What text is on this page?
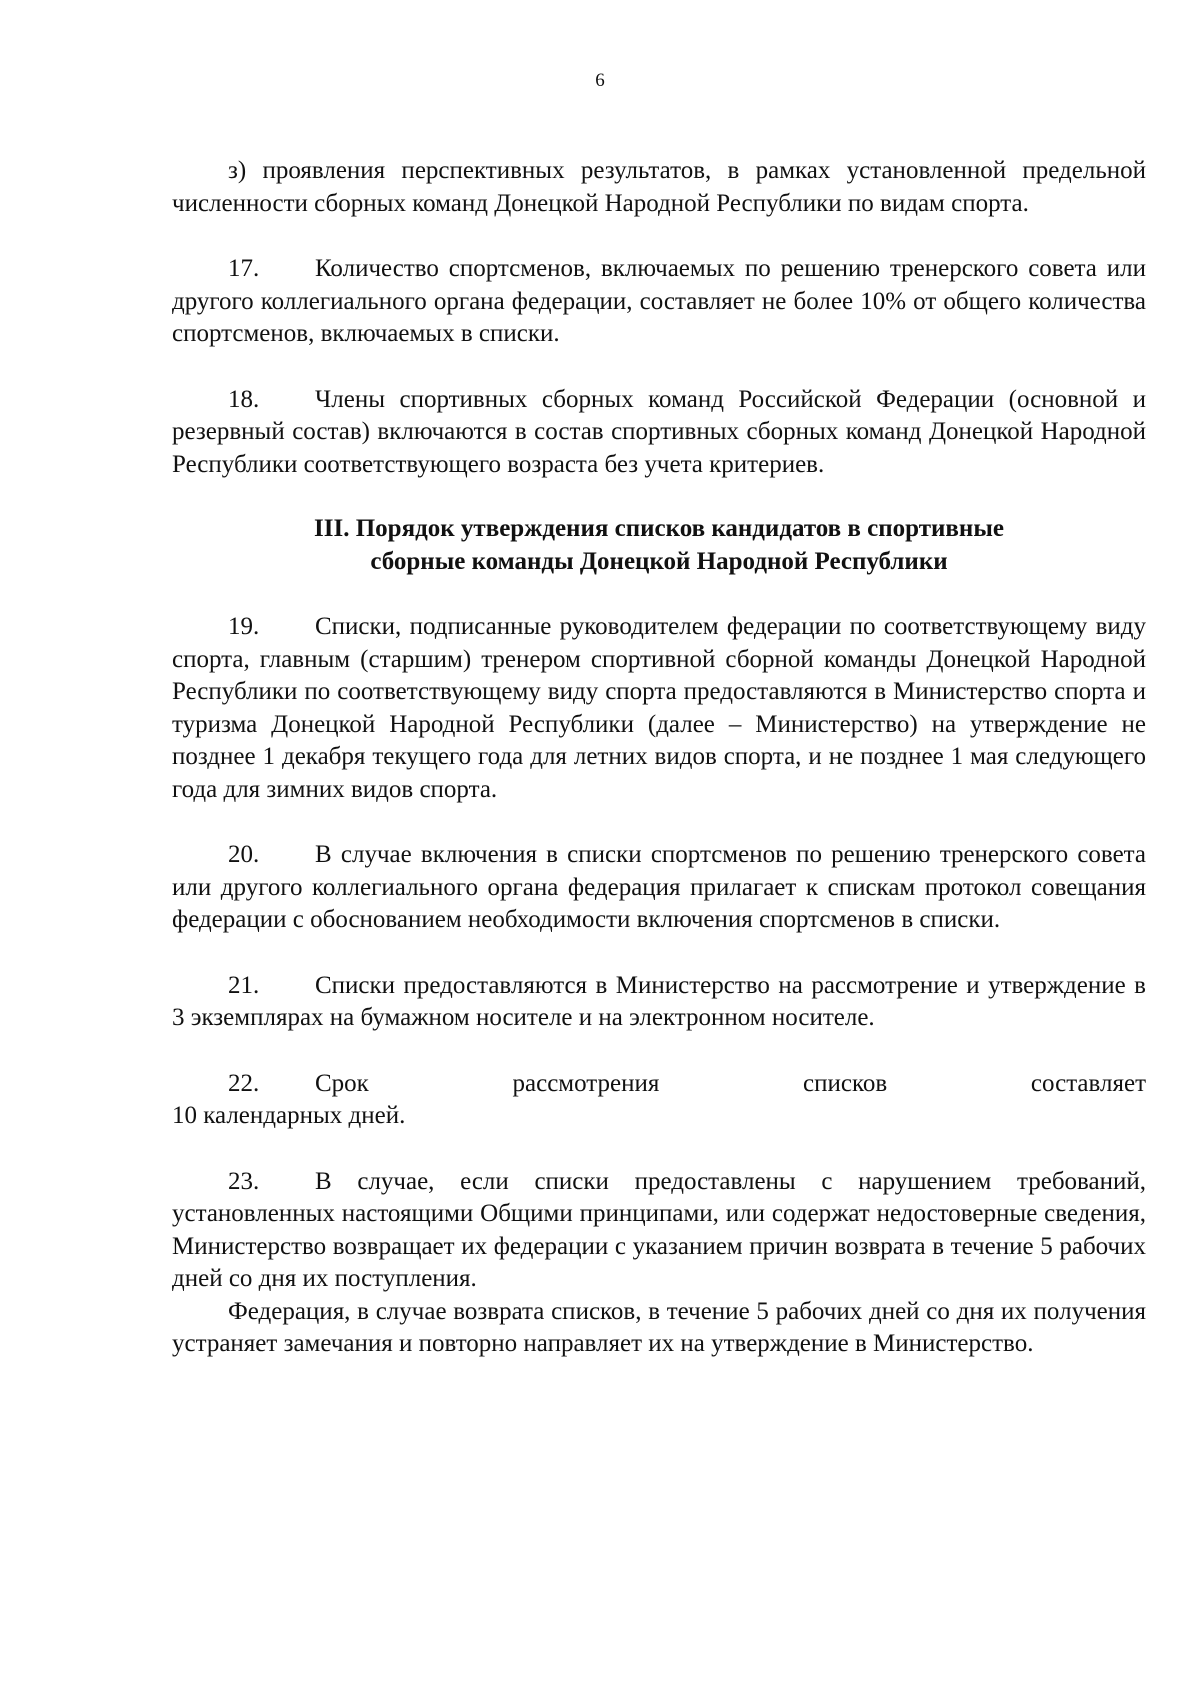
6

з) проявления перспективных результатов, в рамках установленной предельной численности сборных команд Донецкой Народной Республики по видам спорта.

17. Количество спортсменов, включаемых по решению тренерского совета или другого коллегиального органа федерации, составляет не более 10% от общего количества спортсменов, включаемых в списки.

18. Члены спортивных сборных команд Российской Федерации (основной и резервный состав) включаются в состав спортивных сборных команд Донецкой Народной Республики соответствующего возраста без учета критериев.

III. Порядок утверждения списков кандидатов в спортивные
сборные команды Донецкой Народной Республики

19. Списки, подписанные руководителем федерации по соответствующему виду спорта, главным (старшим) тренером спортивной сборной команды Донецкой Народной Республики по соответствующему виду спорта предоставляются в Министерство спорта и туризма Донецкой Народной Республики (далее – Министерство) на утверждение не позднее 1 декабря текущего года для летних видов спорта, и не позднее 1 мая следующего года для зимних видов спорта.

20. В случае включения в списки спортсменов по решению тренерского совета или другого коллегиального органа федерация прилагает к спискам протокол совещания федерации с обоснованием необходимости включения спортсменов в списки.

21. Списки предоставляются в Министерство на рассмотрение и утверждение в 3 экземплярах на бумажном носителе и на электронном носителе.

22. Срок рассмотрения списков составляет
10 календарных дней.

23. В случае, если списки предоставлены с нарушением требований, установленных настоящими Общими принципами, или содержат недостоверные сведения, Министерство возвращает их федерации с указанием причин возврата в течение 5 рабочих дней со дня их поступления.

Федерация, в случае возврата списков, в течение 5 рабочих дней со дня их получения устраняет замечания и повторно направляет их на утверждение в Министерство.
